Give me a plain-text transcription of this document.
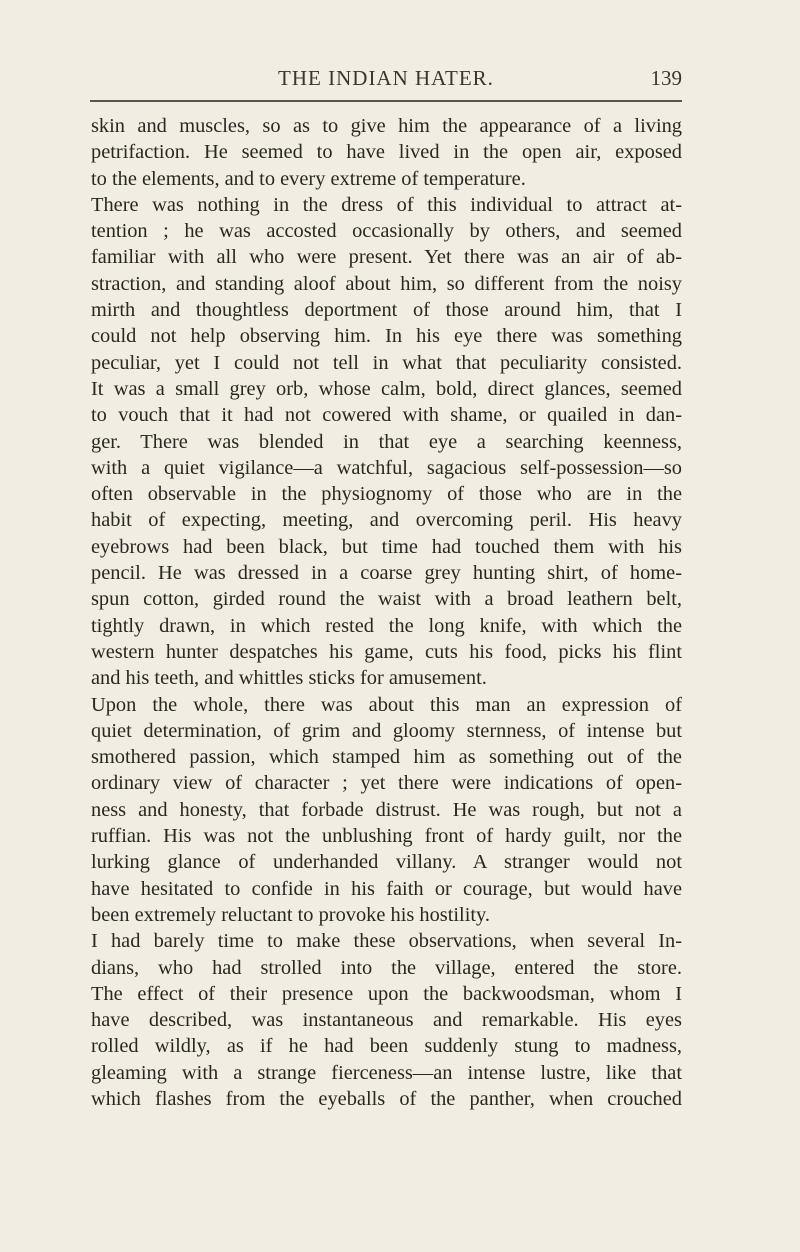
THE INDIAN HATER.	139
skin and muscles, so as to give him the appearance of a living
petrifaction. He seemed to have lived in the open air, exposed
to the elements, and to every extreme of temperature.
There was nothing in the dress of this individual to attract at-
tention ; he was accosted occasionally by others, and seemed
familiar with all who were present. Yet there was an air of ab-
straction, and standing aloof about him, so different from the noisy
mirth and thoughtless deportment of those around him, that I
could not help observing him. In his eye there was something
peculiar, yet I could not tell in what that peculiarity consisted.
It was a small grey orb, whose calm, bold, direct glances, seemed
to vouch that it had not cowered with shame, or quailed in dan-
ger. There was blended in that eye a searching keenness,
with a quiet vigilance—a watchful, sagacious self-possession—so
often observable in the physiognomy of those who are in the
habit of expecting, meeting, and overcoming peril. His heavy
eyebrows had been black, but time had touched them with his
pencil. He was dressed in a coarse grey hunting shirt, of home-
spun cotton, girded round the waist with a broad leathern belt,
tightly drawn, in which rested the long knife, with which the
western hunter despatches his game, cuts his food, picks his flint
and his teeth, and whittles sticks for amusement.
Upon the whole, there was about this man an expression of
quiet determination, of grim and gloomy sternness, of intense but
smothered passion, which stamped him as something out of the
ordinary view of character ; yet there were indications of open-
ness and honesty, that forbade distrust. He was rough, but not a
ruffian. His was not the unblushing front of hardy guilt, nor the
lurking glance of underhanded villany. A stranger would not
have hesitated to confide in his faith or courage, but would have
been extremely reluctant to provoke his hostility.
I had barely time to make these observations, when several In-
dians, who had strolled into the village, entered the store.
The effect of their presence upon the backwoodsman, whom I
have described, was instantaneous and remarkable. His eyes
rolled wildly, as if he had been suddenly stung to madness,
gleaming with a strange fierceness—an intense lustre, like that
which flashes from the eyeballs of the panther, when crouched
